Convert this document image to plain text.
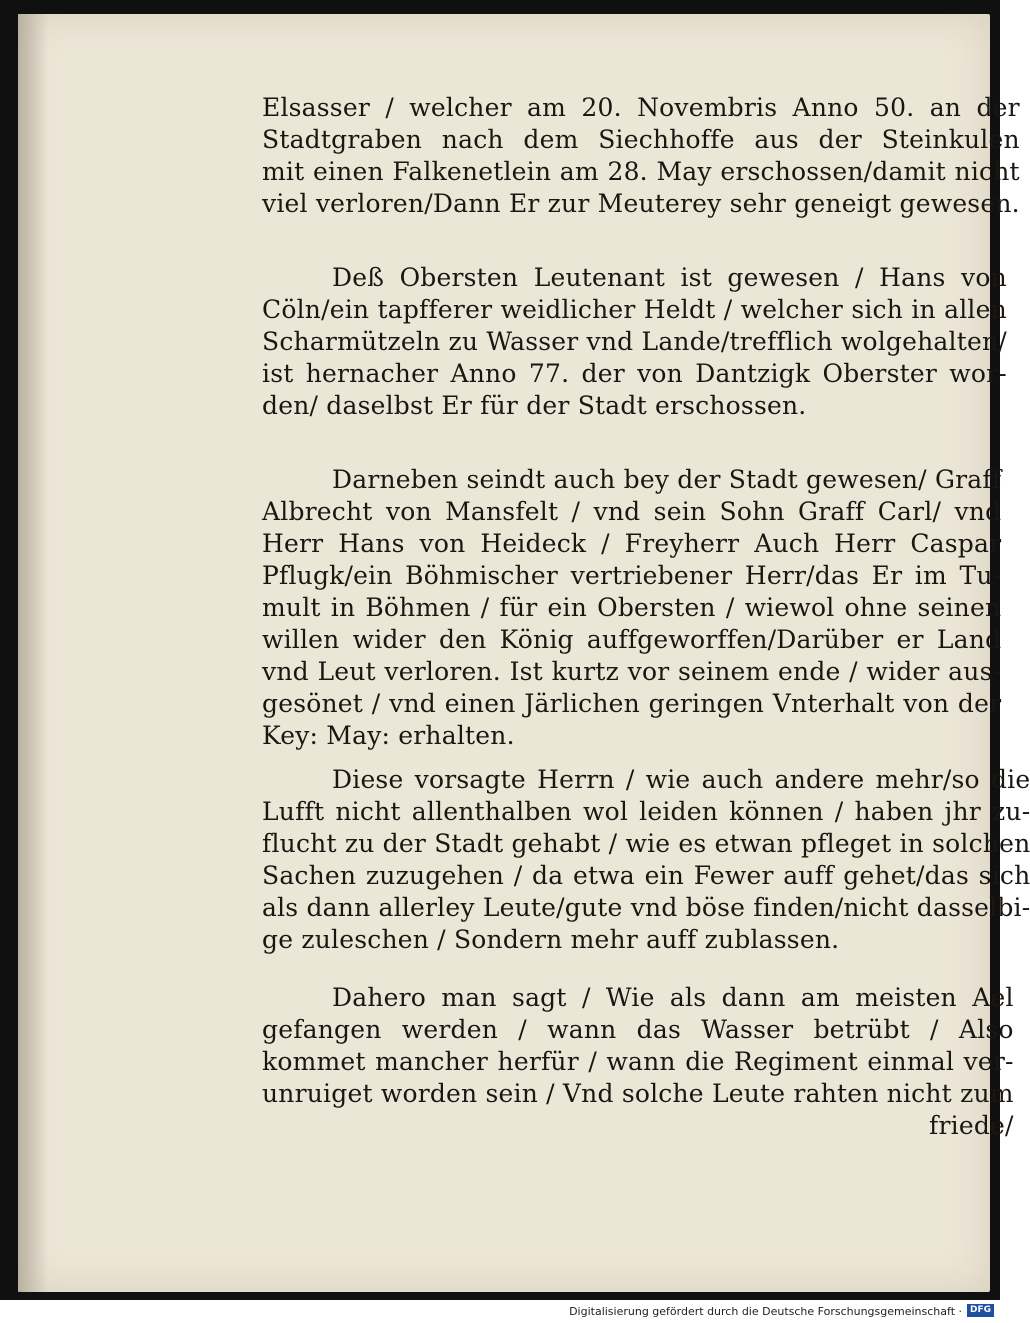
Elsasser / welcher am 20. Novembris Anno 50. an der
Stadtgraben nach dem Siechhoffe aus der Steinkulen
mit einen Falkenetlein am 28. May erschossen/damit nicht
viel verloren/Dann Er zur Meuterey sehr geneigt gewesen.
Deß Obersten Leutenant ist gewesen / Hans von
Cöln/ein tapfferer weidlicher Heldt / welcher sich in allen
Scharmützeln zu Wasser vnd Lande/trefflich wolgehalten/
ist hernacher Anno 77. der von Dantzigk Oberster wor-
den/ daselbst Er für der Stadt erschossen.
Darneben seindt auch bey der Stadt gewesen/ Graff
Albrecht von Mansfelt / vnd sein Sohn Graff Carl/ vnd
Herr Hans von Heideck / Freyherr Auch Herr Caspar
Pflugk/ein Böhmischer vertriebener Herr/das Er im Tu-
mult in Böhmen / für ein Obersten / wiewol ohne seinen
willen wider den König auffgeworffen/Darüber er Land
vnd Leut verloren. Ist kurtz vor seinem ende / wider aus-
gesönet / vnd einen Järlichen geringen Vnterhalt von der
Key: May: erhalten.
Diese vorsagte Herrn / wie auch andere mehr/so die
Lufft nicht allenthalben wol leiden können / haben jhr zu-
flucht zu der Stadt gehabt / wie es etwan pfleget in solchen
Sachen zuzugehen / da etwa ein Fewer auff gehet/das sich
als dann allerley Leute/gute vnd böse finden/nicht dasselbi-
ge zuleschen / Sondern mehr auff zublassen.
Dahero man sagt / Wie als dann am meisten Ael
gefangen werden / wann das Wasser betrübt / Also
kommet mancher herfür / wann die Regiment einmal ver-
unruiget worden sein / Vnd solche Leute rahten nicht zum
friede/
Digitalisierung gefördert durch die Deutsche Forschungsgemeinschaft · DFG
